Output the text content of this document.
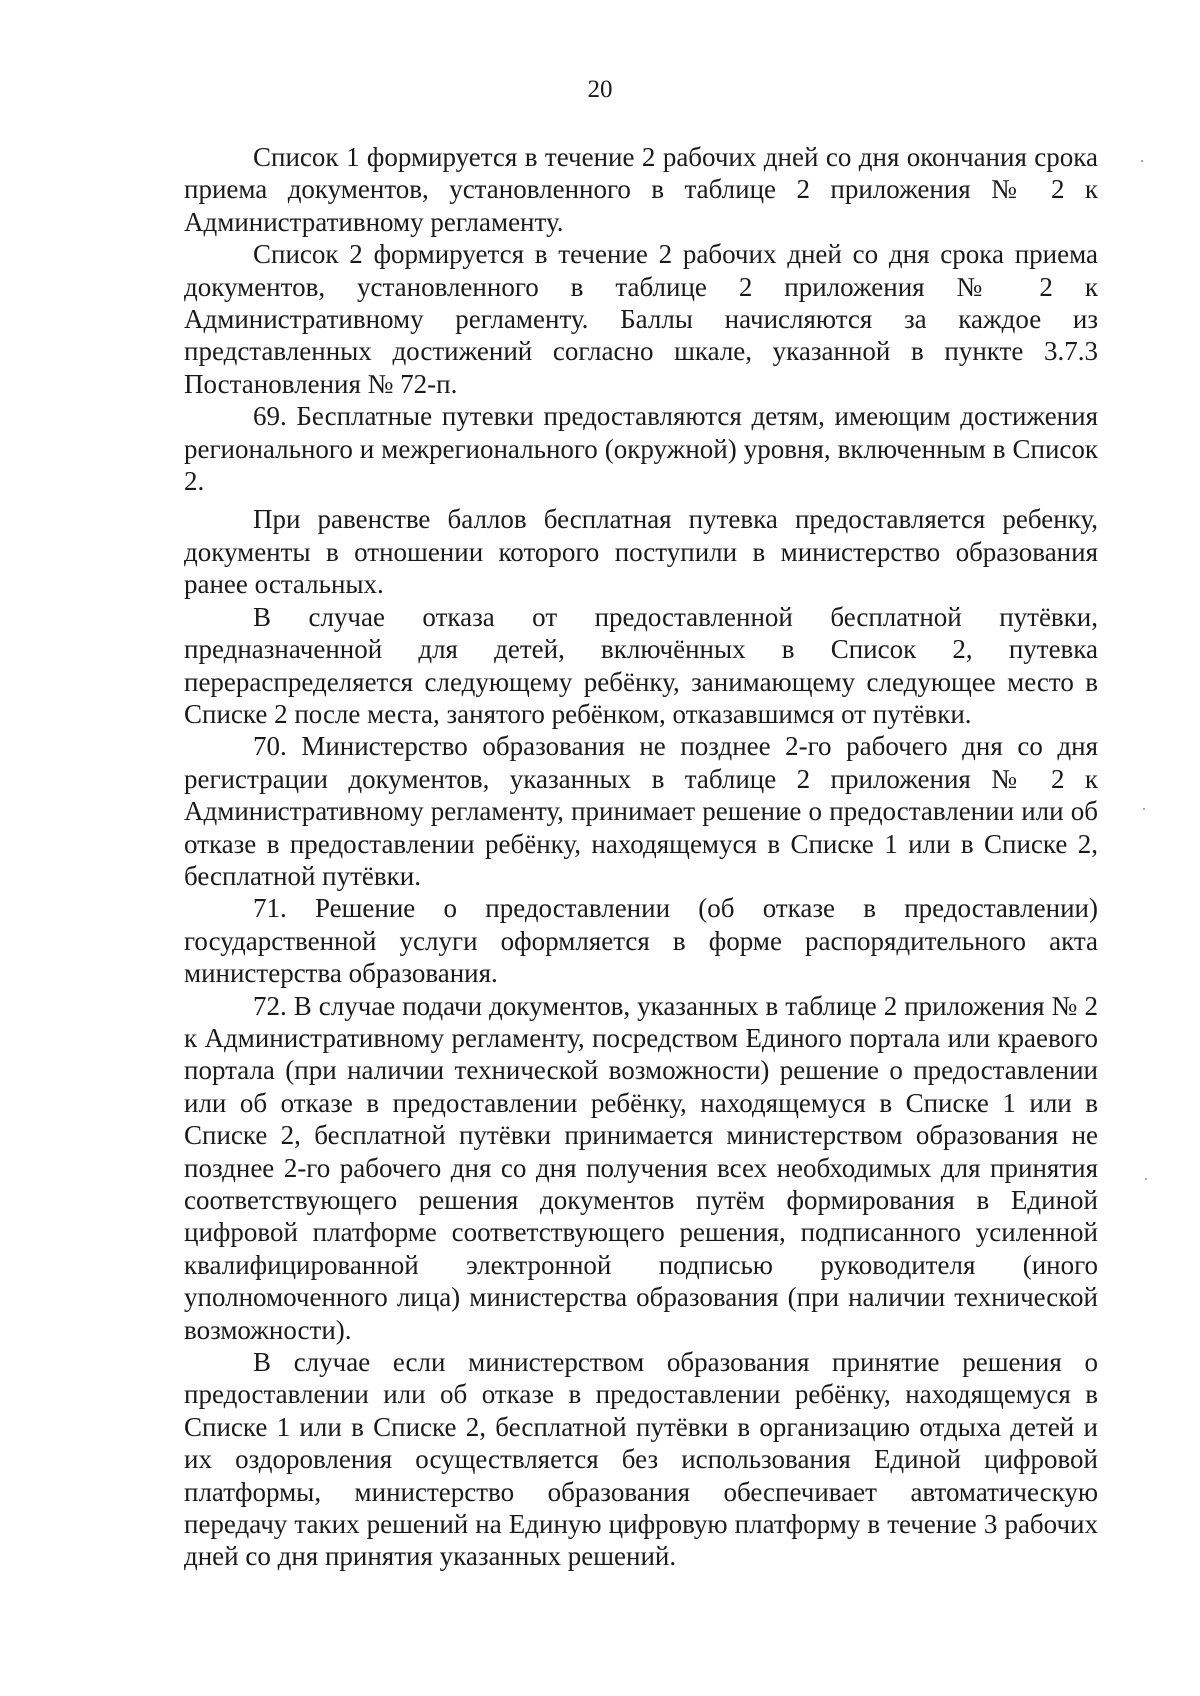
20

Список 1 формируется в течение 2 рабочих дней со дня окончания срока приема документов, установленного в таблице 2 приложения № 2 к Административному регламенту.

Список 2 формируется в течение 2 рабочих дней со дня срока приема документов, установленного в таблице 2 приложения № 2 к Административному регламенту. Баллы начисляются за каждое из представленных достижений согласно шкале, указанной в пункте 3.7.3 Постановления № 72-п.

69. Бесплатные путевки предоставляются детям, имеющим достижения регионального и межрегионального (окружной) уровня, включенным в Список 2.

При равенстве баллов бесплатная путевка предоставляется ребенку, документы в отношении которого поступили в министерство образования ранее остальных.

В случае отказа от предоставленной бесплатной путёвки, предназначенной для детей, включённых в Список 2, путевка перераспределяется следующему ребёнку, занимающему следующее место в Списке 2 после места, занятого ребёнком, отказавшимся от путёвки.

70. Министерство образования не позднее 2-го рабочего дня со дня регистрации документов, указанных в таблице 2 приложения № 2 к Административному регламенту, принимает решение о предоставлении или об отказе в предоставлении ребёнку, находящемуся в Списке 1 или в Списке 2, бесплатной путёвки.

71. Решение о предоставлении (об отказе в предоставлении) государственной услуги оформляется в форме распорядительного акта министерства образования.

72. В случае подачи документов, указанных в таблице 2 приложения № 2 к Административному регламенту, посредством Единого портала или краевого портала (при наличии технической возможности) решение о предоставлении или об отказе в предоставлении ребёнку, находящемуся в Списке 1 или в Списке 2, бесплатной путёвки принимается министерством образования не позднее 2-го рабочего дня со дня получения всех необходимых для принятия соответствующего решения документов путём формирования в Единой цифровой платформе соответствующего решения, подписанного усиленной квалифицированной электронной подписью руководителя (иного уполномоченного лица) министерства образования (при наличии технической возможности).

В случае если министерством образования принятие решения о предоставлении или об отказе в предоставлении ребёнку, находящемуся в Списке 1 или в Списке 2, бесплатной путёвки в организацию отдыха детей и их оздоровления осуществляется без использования Единой цифровой платформы, министерство образования обеспечивает автоматическую передачу таких решений на Единую цифровую платформу в течение 3 рабочих дней со дня принятия указанных решений.
